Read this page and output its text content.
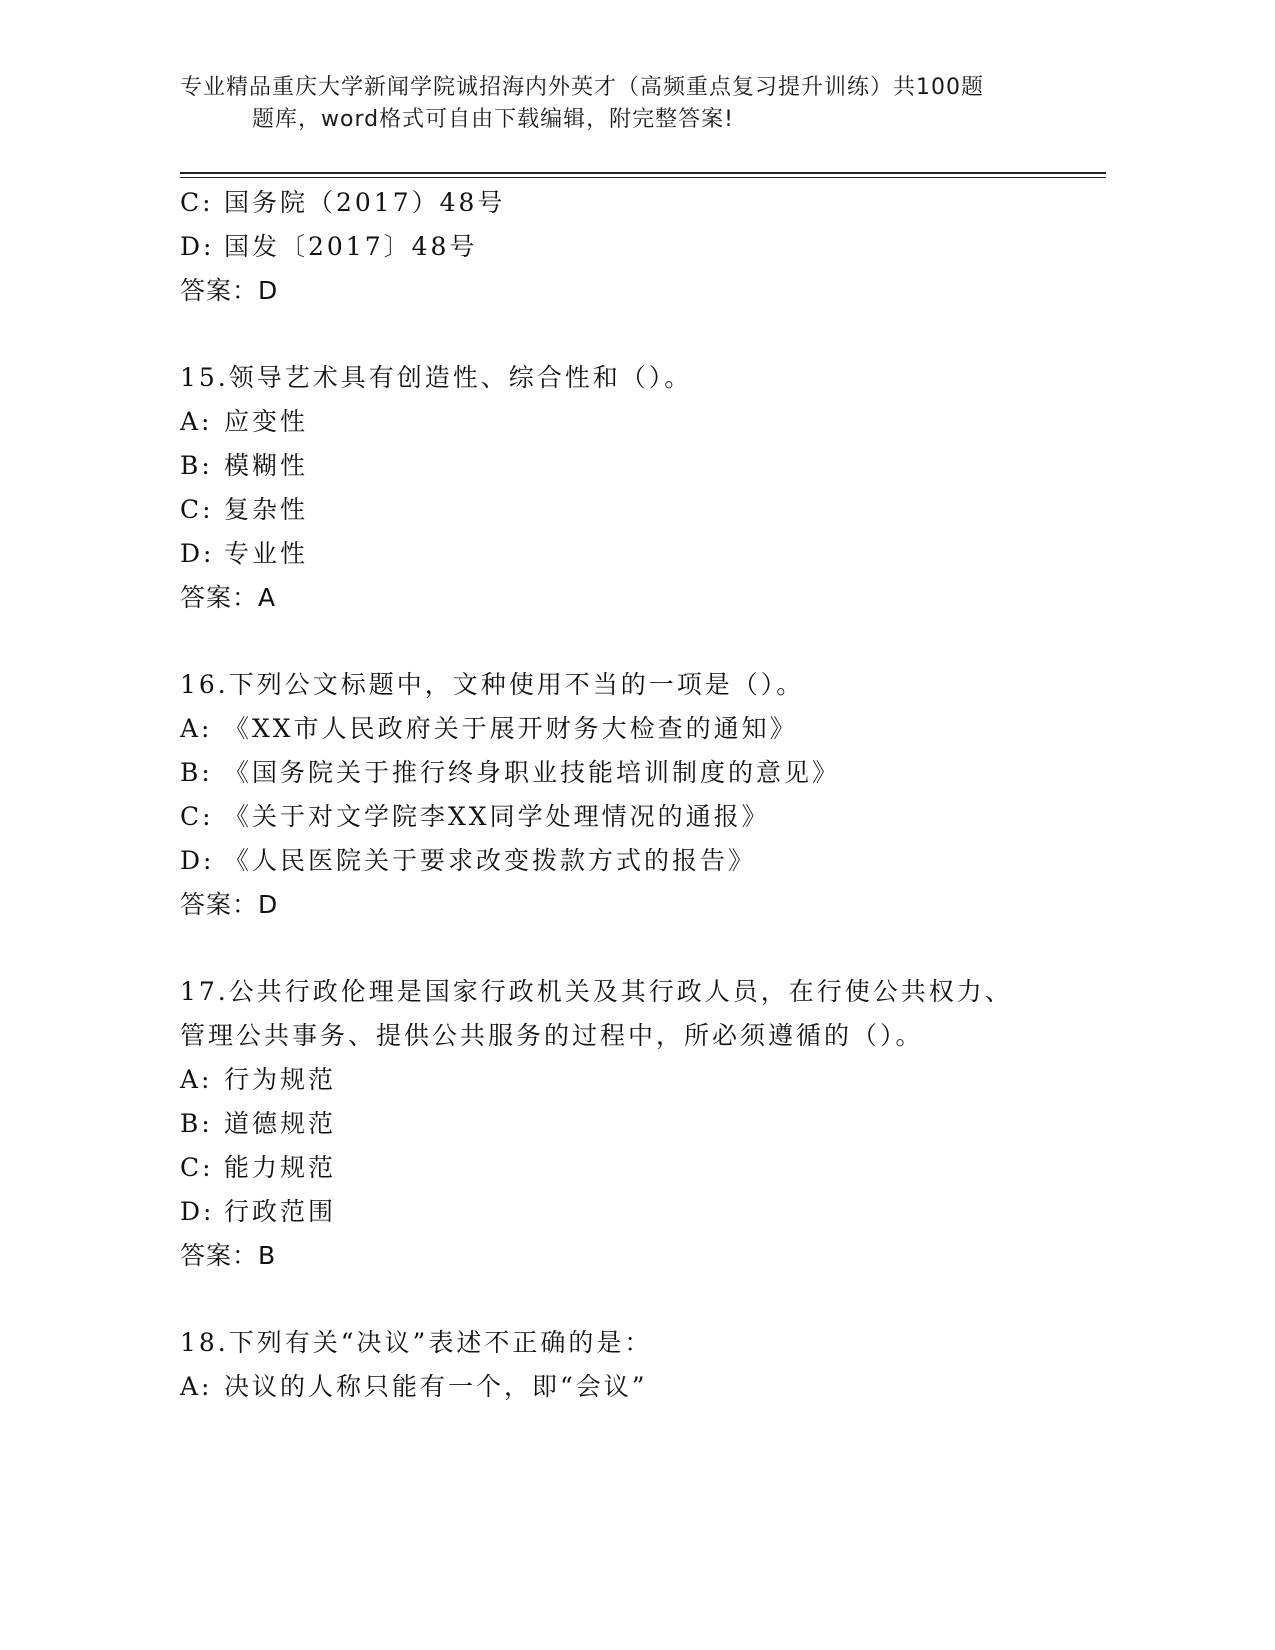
专业精品重庆大学新闻学院诚招海内外英才（高频重点复习提升训练）共100题
题库，word格式可自由下载编辑，附完整答案!
C: 国务院（2017）48号
D: 国发〔2017〕48号
答案：D
15.领导艺术具有创造性、综合性和（）。
A: 应变性
B: 模糊性
C: 复杂性
D: 专业性
答案：A
16.下列公文标题中，文种使用不当的一项是（）。
A: 《XX市人民政府关于展开财务大检查的通知》
B: 《国务院关于推行终身职业技能培训制度的意见》
C: 《关于对文学院李XX同学处理情况的通报》
D: 《人民医院关于要求改变拨款方式的报告》
答案：D
17.公共行政伦理是国家行政机关及其行政人员，在行使公共权力、管理公共事务、提供公共服务的过程中，所必须遵循的（）。
A: 行为规范
B: 道德规范
C: 能力规范
D: 行政范围
答案：B
18.下列有关“决议”表述不正确的是：
A: 决议的人称只能有一个，即“会议”
